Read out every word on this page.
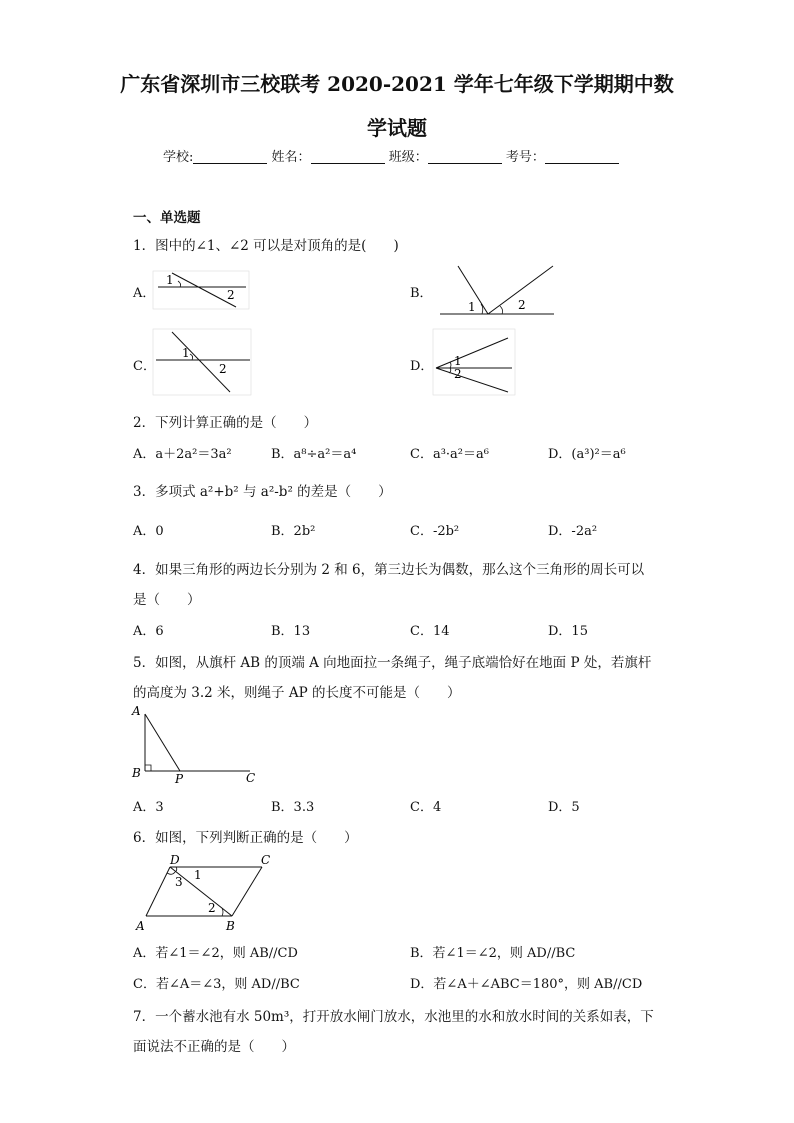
广东省深圳市三校联考 2020-2021 学年七年级下学期期中数
学试题
学校:	姓名：	班级：	考号：
一、单选题
1．图中的∠1、∠2 可以是对顶角的是(　　)
A．
1
2	B．
1	2
C．
1
2	D． 1
2
2．下列计算正确的是（　　）
A．a＋2a²＝3a²	B．a⁸÷a²＝a⁴	C．a³·a²＝a⁶	D．(a³)²＝a⁶
3．多项式 a²+b² 与 a²-b² 的差是（　　）
A．0	B．2b²	C．-2b²	D．-2a²
4．如果三角形的两边长分别为 2 和 6，第三边长为偶数，那么这个三角形的周长可以
是（　　）
A．6	B．13	C．14	D．15
5．如图，从旗杆 AB 的顶端 A 向地面拉一条绳子，绳子底端恰好在地面 P 处，若旗杆
的高度为 3.2 米，则绳子 AP 的长度不可能是（　　）
A
B	P	C
A．3	B．3.3	C．4	D．5
6．如图，下列判断正确的是（　　）
D	C
A	B
1
2
3
A．若∠1＝∠2，则 AB//CD	B．若∠1＝∠2，则 AD//BC
C．若∠A＝∠3，则 AD//BC	D．若∠A＋∠ABC＝180°，则 AB//CD
7．一个蓄水池有水 50m³，打开放水闸门放水，水池里的水和放水时间的关系如表，下
面说法不正确的是（　　）
